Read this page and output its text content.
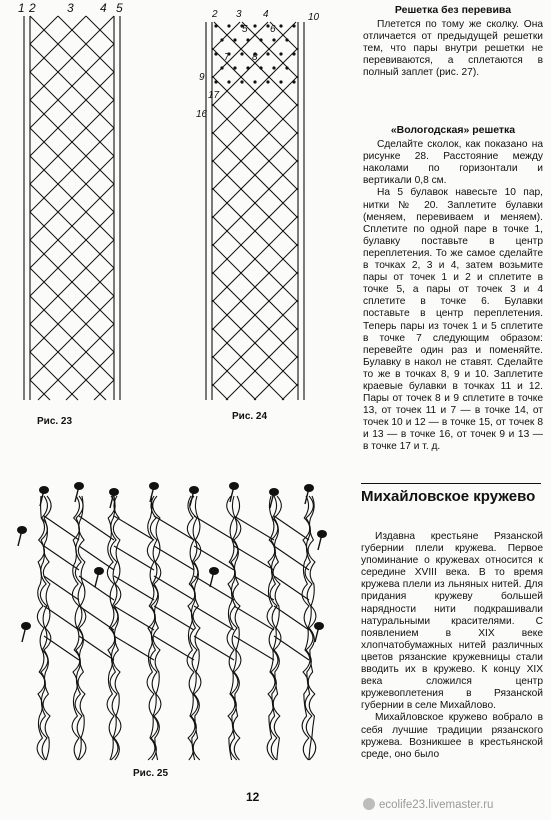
1 2	3 4 5
Рис. 23
2 3 4
5 6
7 8
9
10
16
17
Рис. 24
Рис. 25
Решетка без перевива

Плетется по тому же сколку. Она отличается от предыдущей решетки тем, что пары внутри решетки не перевиваются, а сплетаются в полный заплет (рис. 27).

«Вологодская» решетка

Сделайте сколок, как показано на рисунке 28. Расстояние между наколами по горизонтали и вертикали 0,8 см.

На 5 булавок навесьте 10 пар, нитки № 20. Заплетите булавки (меняем, перевиваем и меняем). Сплетите по одной паре в точке 1, булавку поставьте в центр переплетения. То же самое сделайте в точках 2, 3 и 4, затем возьмите пары от точек 1 и 2 и сплетите в точке 5, а пары от точек 3 и 4 сплетите в точке 6. Булавки поставьте в центр переплетения. Теперь пары из точек 1 и 5 сплетите в точке 7 следующим образом: перевейте один раз и поменяйте. Булавку в накол не ставят. Сделайте то же в точках 8, 9 и 10. Заплетите краевые булавки в точках 11 и 12. Пары от точек 8 и 9 сплетите в точке 13, от точек 11 и 7 — в точке 14, от точек 10 и 12 — в точке 15, от точек 8 и 13 — в точке 16, от точек 9 и 13 — в точке 17 и т. д.

Михайловское кружево

Издавна крестьяне Рязанской губернии плели кружева. Первое упоминание о кружевах относится к середине XVIII века. В то время кружева плели из льняных нитей. Для придания кружеву большей нарядности нити подкрашивали натуральными красителями. С появлением в XIX веке хлопчатобумажных нитей различных цветов рязанские кружевницы стали вводить их в кружево. К концу XIX века сложился центр кружевоплетения в Рязанской губернии в селе Михайлово.

Михайловское кружево вобрало в себя лучшие традиции рязанского кружева. Возникшее в крестьянской среде, оно было

12
ecolife23.livemaster.ru
